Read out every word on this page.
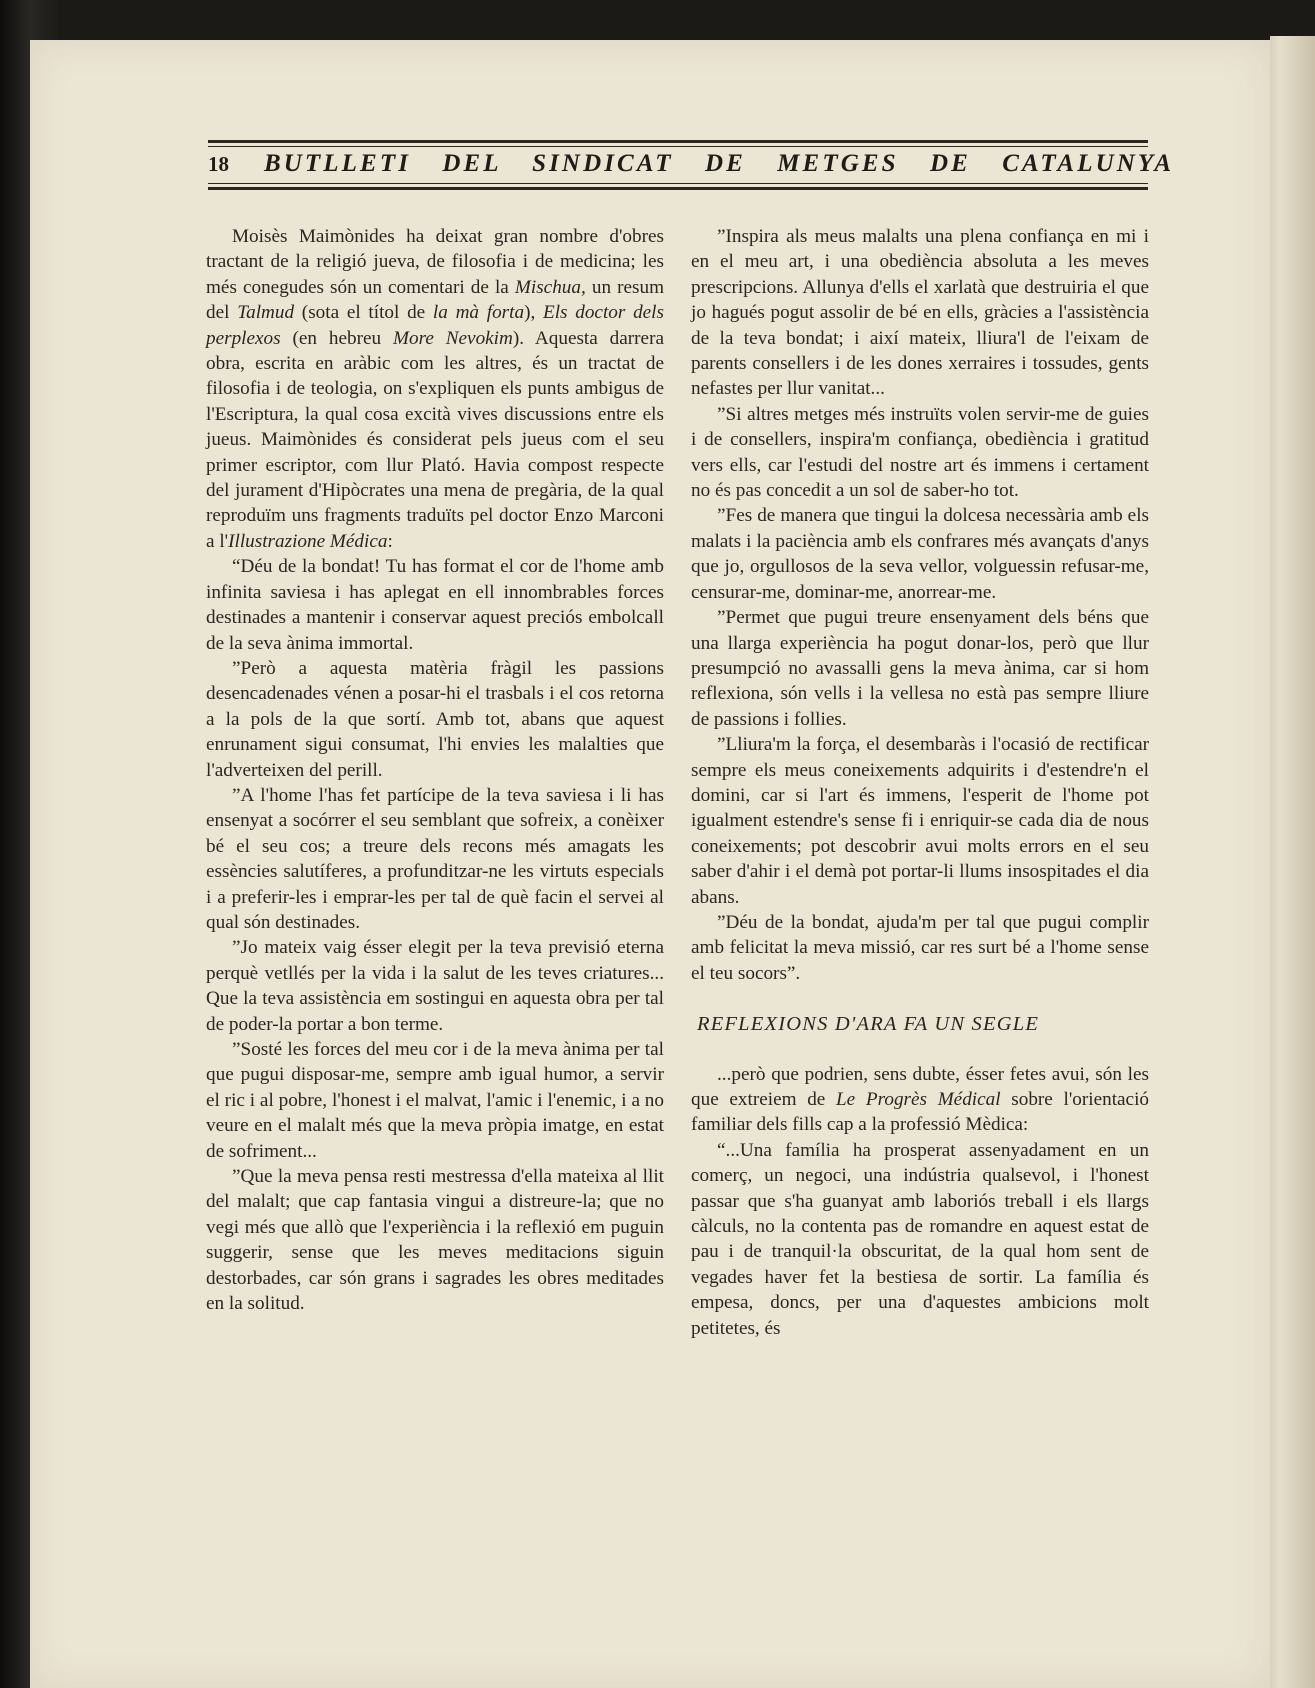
18 BUTLLETI DEL SINDICAT DE METGES DE CATALUNYA

Moisès Maimònides ha deixat gran nombre d'obres tractant de la religió jueva, de filosofia i de medicina; les més conegudes són un comentari de la Mischua, un resum del Talmud (sota el títol de la mà forta), Els doctor dels perplexos (en hebreu More Nevokim). Aquesta darrera obra, escrita en aràbic com les altres, és un tractat de filosofia i de teologia, on s'expliquen els punts ambigus de l'Escriptura, la qual cosa excità vives discussions entre els jueus. Maimònides és considerat pels jueus com el seu primer escriptor, com llur Plató. Havia compost respecte del jurament d'Hipòcrates una mena de pregària, de la qual reproduïm uns fragments traduïts pel doctor Enzo Marconi a l'Illustrazione Médica:

“Déu de la bondat! Tu has format el cor de l'home amb infinita saviesa i has aplegat en ell innombrables forces destinades a mantenir i conservar aquest preciós embolcall de la seva ànima immortal.

”Però a aquesta matèria fràgil les passions desencadenades vénen a posar-hi el trasbals i el cos retorna a la pols de la que sortí. Amb tot, abans que aquest enrunament sigui consumat, l'hi envies les malalties que l'adverteixen del perill.

”A l'home l'has fet partícipe de la teva saviesa i li has ensenyat a socórrer el seu semblant que sofreix, a conèixer bé el seu cos; a treure dels recons més amagats les essències salutíferes, a profunditzar-ne les virtuts especials i a preferir-les i emprar-les per tal de què facin el servei al qual són destinades.

”Jo mateix vaig ésser elegit per la teva previsió eterna perquè vetllés per la vida i la salut de les teves criatures... Que la teva assistència em sostingui en aquesta obra per tal de poder-la portar a bon terme.

”Sosté les forces del meu cor i de la meva ànima per tal que pugui disposar-me, sempre amb igual humor, a servir el ric i al pobre, l'honest i el malvat, l'amic i l'enemic, i a no veure en el malalt més que la meva pròpia imatge, en estat de sofriment...

”Que la meva pensa resti mestressa d'ella mateixa al llit del malalt; que cap fantasia vingui a distreure-la; que no vegi més que allò que l'experiència i la reflexió em puguin suggerir, sense que les meves meditacions siguin destorbades, car són grans i sagrades les obres meditades en la solitud.

”Inspira als meus malalts una plena confiança en mi i en el meu art, i una obediència absoluta a les meves prescripcions. Allunya d'ells el xarlatà que destruiria el que jo hagués pogut assolir de bé en ells, gràcies a l'assistència de la teva bondat; i així mateix, lliura'l de l'eixam de parents consellers i de les dones xerraires i tossudes, gents nefastes per llur vanitat...

”Si altres metges més instruïts volen servir-me de guies i de consellers, inspira'm confiança, obediència i gratitud vers ells, car l'estudi del nostre art és immens i certament no és pas concedit a un sol de saber-ho tot.

”Fes de manera que tingui la dolcesa necessària amb els malats i la paciència amb els confrares més avançats d'anys que jo, orgullosos de la seva vellor, volguessin refusar-me, censurar-me, dominar-me, anorrear-me.

”Permet que pugui treure ensenyament dels béns que una llarga experiència ha pogut donar-los, però que llur presumpció no avassalli gens la meva ànima, car si hom reflexiona, són vells i la vellesa no està pas sempre lliure de passions i follies.

”Lliura'm la força, el desembaràs i l'ocasió de rectificar sempre els meus coneixements adquirits i d'estendre'n el domini, car si l'art és immens, l'esperit de l'home pot igualment estendre's sense fi i enriquir-se cada dia de nous coneixements; pot descobrir avui molts errors en el seu saber d'ahir i el demà pot portar-li llums insospitades el dia abans.

”Déu de la bondat, ajuda'm per tal que pugui complir amb felicitat la meva missió, car res surt bé a l'home sense el teu socors”.

REFLEXIONS D'ARA FA UN SEGLE

...però que podrien, sens dubte, ésser fetes avui, són les que extreiem de Le Progrès Médical sobre l'orientació familiar dels fills cap a la professió Mèdica:

“...Una família ha prosperat assenyadament en un comerç, un negoci, una indústria qualsevol, i l'honest passar que s'ha guanyat amb laboriós treball i els llargs càlculs, no la contenta pas de romandre en aquest estat de pau i de tranquil·la obscuritat, de la qual hom sent de vegades haver fet la bestiesa de sortir. La família és empesa, doncs, per una d'aquestes ambicions molt petitetes, és
